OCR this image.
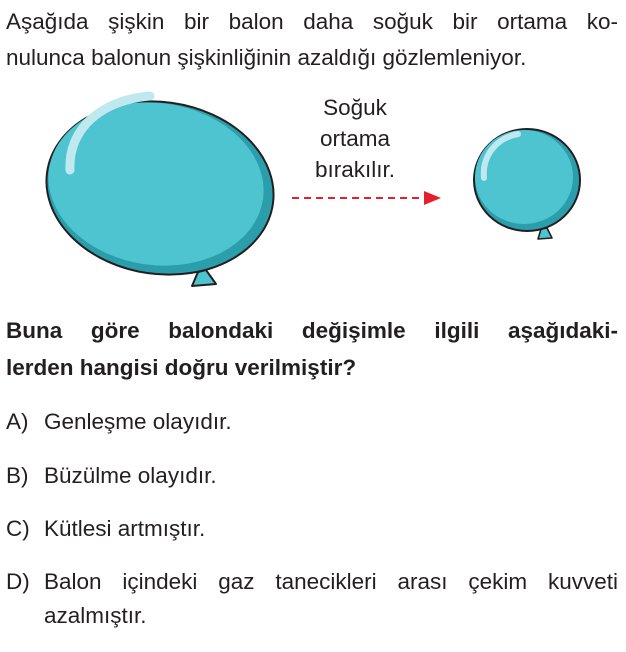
Aşağıda şişkin bir balon daha soğuk bir ortama ko-
nulunca balonun şişkinliğinin azaldığı gözlemleniyor.
Soğuk
ortama
bırakılır.
Buna göre balondaki değişimle ilgili aşağıdaki-
lerden hangisi doğru verilmiştir?
A) Genleşme olayıdır.
B) Büzülme olayıdır.
C) Kütlesi artmıştır.
D) Balon içindeki gaz tanecikleri arası çekim kuvveti
azalmıştır.
